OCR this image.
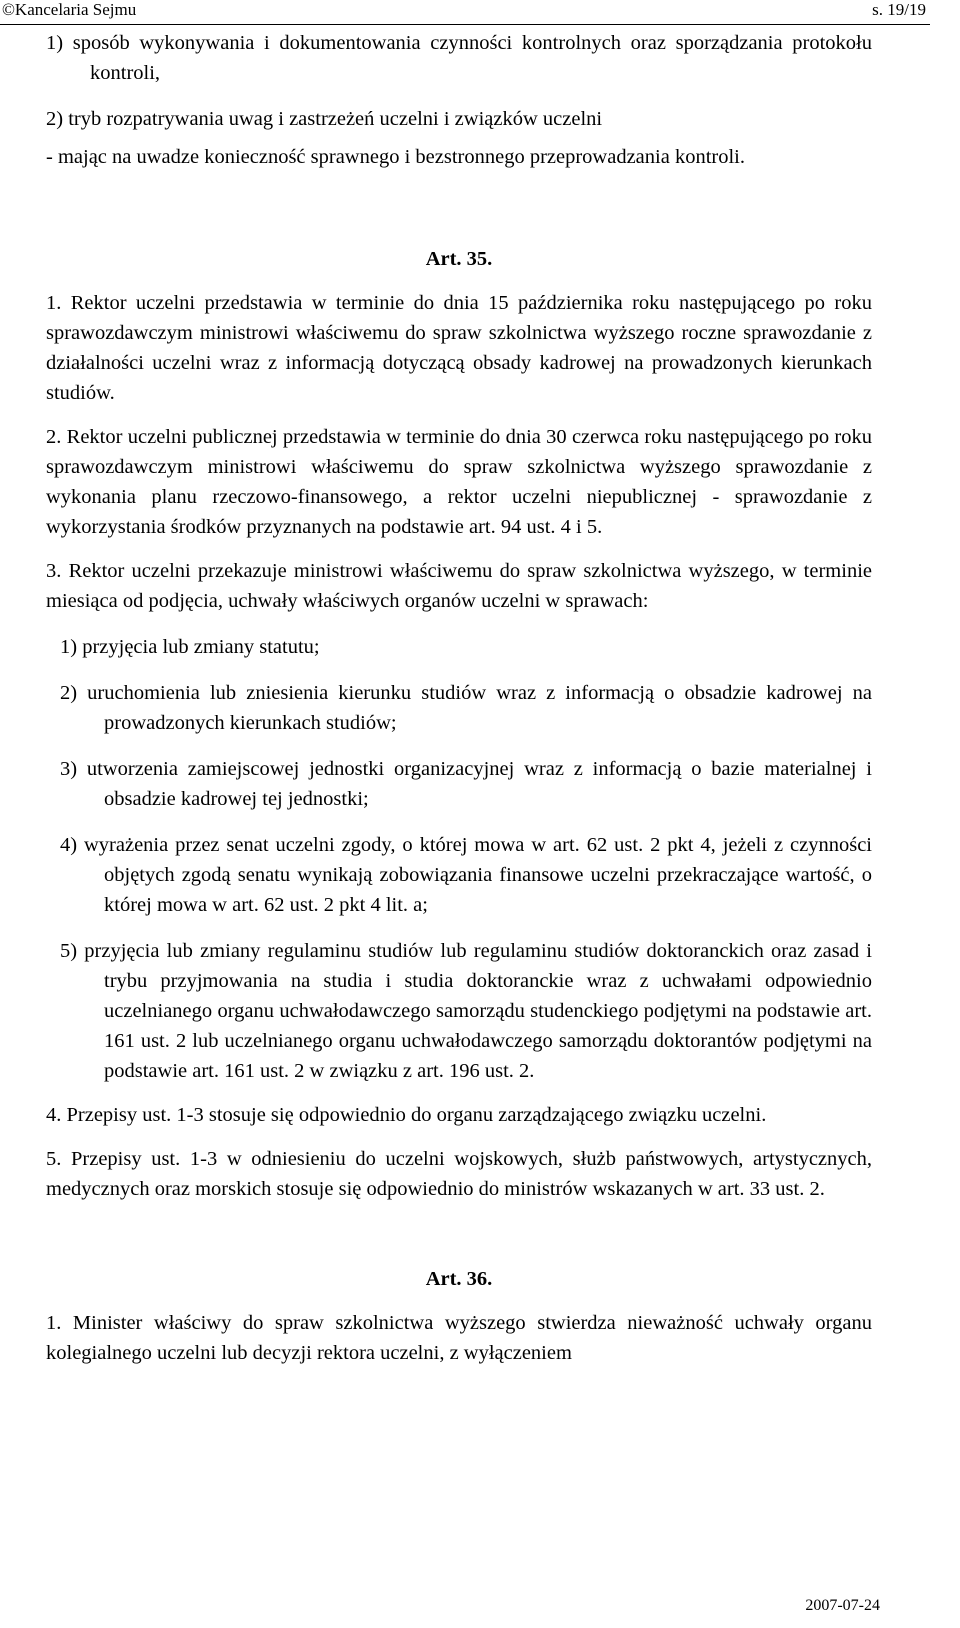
©Kancelaria Sejmu	s. 19/19

1) sposób wykonywania i dokumentowania czynności kontrolnych oraz sporządzania protokołu kontroli,

2) tryb rozpatrywania uwag i zastrzeżeń uczelni i związków uczelni

- mając na uwadze konieczność sprawnego i bezstronnego przeprowadzania kontroli.

Art. 35.

1. Rektor uczelni przedstawia w terminie do dnia 15 października roku następującego po roku sprawozdawczym ministrowi właściwemu do spraw szkolnictwa wyższego roczne sprawozdanie z działalności uczelni wraz z informacją dotyczącą obsady kadrowej na prowadzonych kierunkach studiów.

2. Rektor uczelni publicznej przedstawia w terminie do dnia 30 czerwca roku następującego po roku sprawozdawczym ministrowi właściwemu do spraw szkolnictwa wyższego sprawozdanie z wykonania planu rzeczowo-finansowego, a rektor uczelni niepublicznej - sprawozdanie z wykorzystania środków przyznanych na podstawie art. 94 ust. 4 i 5.

3. Rektor uczelni przekazuje ministrowi właściwemu do spraw szkolnictwa wyższego, w terminie miesiąca od podjęcia, uchwały właściwych organów uczelni w sprawach:

1) przyjęcia lub zmiany statutu;

2) uruchomienia lub zniesienia kierunku studiów wraz z informacją o obsadzie kadrowej na prowadzonych kierunkach studiów;

3) utworzenia zamiejscowej jednostki organizacyjnej wraz z informacją o bazie materialnej i obsadzie kadrowej tej jednostki;

4) wyrażenia przez senat uczelni zgody, o której mowa w art. 62 ust. 2 pkt 4, jeżeli z czynności objętych zgodą senatu wynikają zobowiązania finansowe uczelni przekraczające wartość, o której mowa w art. 62 ust. 2 pkt 4 lit. a;

5) przyjęcia lub zmiany regulaminu studiów lub regulaminu studiów doktoranckich oraz zasad i trybu przyjmowania na studia i studia doktoranckie wraz z uchwałami odpowiednio uczelnianego organu uchwałodawczego samorządu studenckiego podjętymi na podstawie art. 161 ust. 2 lub uczelnianego organu uchwałodawczego samorządu doktorantów podjętymi na podstawie art. 161 ust. 2 w związku z art. 196 ust. 2.

4. Przepisy ust. 1-3 stosuje się odpowiednio do organu zarządzającego związku uczelni.

5. Przepisy ust. 1-3 w odniesieniu do uczelni wojskowych, służb państwowych, artystycznych, medycznych oraz morskich stosuje się odpowiednio do ministrów wskazanych w art. 33 ust. 2.

Art. 36.

1. Minister właściwy do spraw szkolnictwa wyższego stwierdza nieważność uchwały organu kolegialnego uczelni lub decyzji rektora uczelni, z wyłączeniem

2007-07-24
